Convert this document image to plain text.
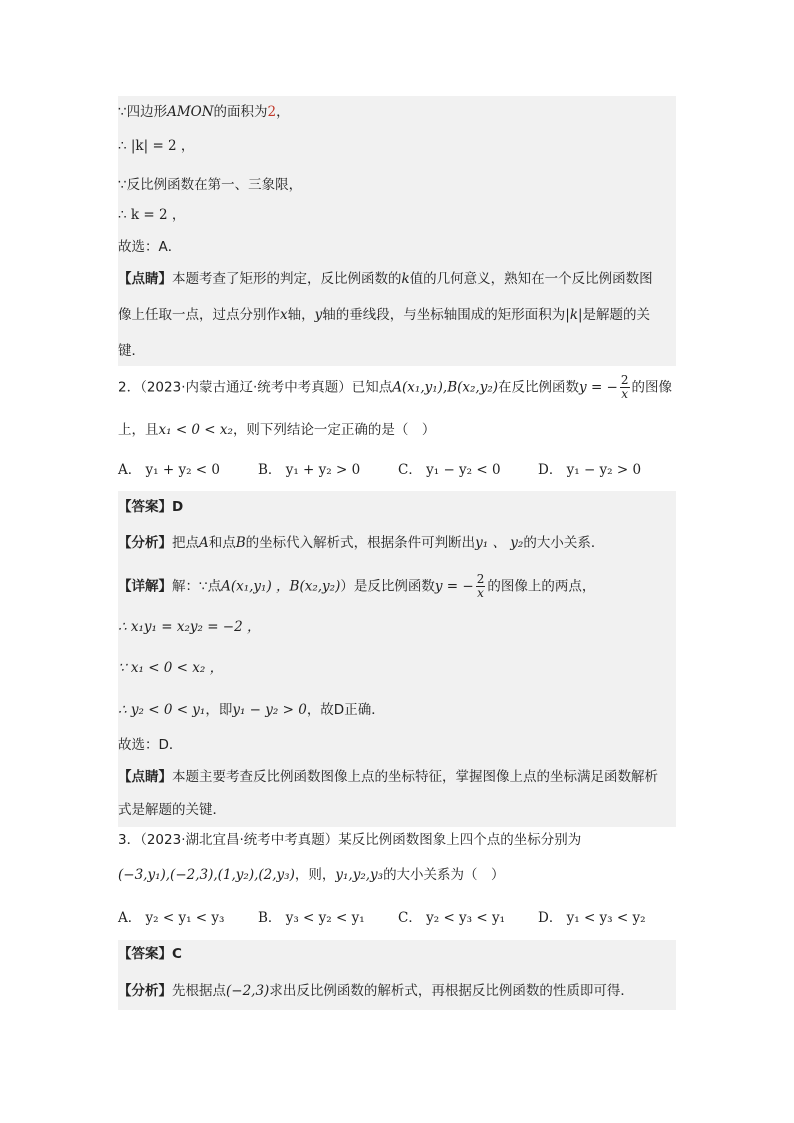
∵四边形AMON的面积为2，
∴ |k| = 2 ，
∵反比例函数在第一、三象限，
∴ k = 2 ，
故选：A．
【点睛】本题考查了矩形的判定，反比例函数的k值的几何意义，熟知在一个反比例函数图
像上任取一点，过点分别作x轴，y轴的垂线段，与坐标轴围成的矩形面积为|k|是解题的关
键．
2．（2023·内蒙古通辽·统考中考真题）已知点A(x₁,y₁),B(x₂,y₂)在反比例函数y = − $\frac{2}{x}$ 的图像
上，且x₁ < 0 < x₂，则下列结论一定正确的是（　）
A． y₁ + y₂ < 0	B． y₁ + y₂ > 0	C． y₁ − y₂ < 0	D． y₁ − y₂ > 0
【答案】D
【分析】把点A和点B的坐标代入解析式，根据条件可判断出y₁ 、 y₂的大小关系．
【详解】解：∵点A(x₁,y₁) ，B(x₂,y₂)）是反比例函数y = − $\frac{2}{x}$ 的图像上的两点，
∴ x₁y₁ = x₂y₂ = −2 ，
∵ x₁ < 0 < x₂ ，
∴ y₂ < 0 < y₁，即y₁ − y₂ > 0，故D正确．
故选：D．
【点睛】本题主要考查反比例函数图像上点的坐标特征，掌握图像上点的坐标满足函数解析
式是解题的关键．
3．（2023·湖北宜昌·统考中考真题）某反比例函数图象上四个点的坐标分别为
(−3,y₁),(−2,3),(1,y₂),(2,y₃)，则，y₁,y₂,y₃的大小关系为（　）
A． y₂ < y₁ < y₃ B． y₃ < y₂ < y₁ C． y₂ < y₃ < y₁ D． y₁ < y₃ < y₂
【答案】C
【分析】先根据点(−2,3)求出反比例函数的解析式，再根据反比例函数的性质即可得．
